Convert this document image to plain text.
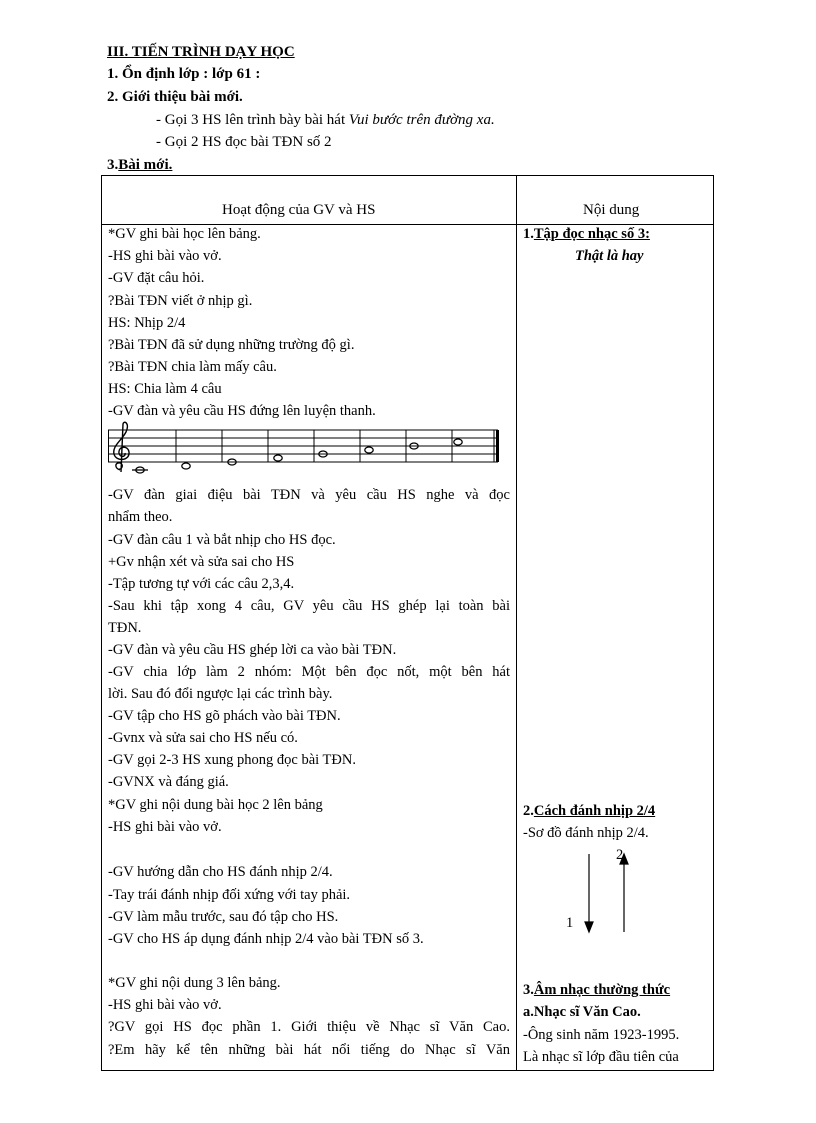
III. TIẾN TRÌNH DẠY HỌC
1. Ổn định lớp : lớp 61 :
2. Giới thiệu bài mới.
- Gọi 3 HS lên trình bày bài hát Vui bước trên đường xa.
- Gọi 2 HS đọc bài TĐN số 2
3.Bài mới.
Hoạt động của GV và HS	Nội dung
*GV ghi bài học lên bảng.
-HS ghi bài vào vở.
-GV đặt câu hỏi.
?Bài TĐN viết ở nhịp gì.
HS: Nhịp 2/4
?Bài TĐN đã sử dụng những trường độ gì.
?Bài TĐN chia làm mấy câu.
HS: Chia làm 4 câu
-GV đàn và yêu cầu HS đứng lên luyện thanh.
-GV đàn giai điệu bài TĐN và yêu cầu HS nghe và đọc
nhẩm theo.
-GV đàn câu 1 và bắt nhịp cho HS đọc.
+Gv nhận xét và sửa sai cho HS
-Tập tương tự với các câu 2,3,4.
-Sau khi tập xong 4 câu, GV yêu cầu HS ghép lại toàn bài
TĐN.
-GV đàn và yêu cầu HS ghép lời ca vào bài TĐN.
-GV chia lớp làm 2 nhóm: Một bên đọc nốt, một bên hát
lời. Sau đó đổi ngược lại các trình bày.
-GV tập cho HS gõ phách vào bài TĐN.
-Gvnx và sửa sai cho HS nếu có.
-GV gọi 2-3 HS xung phong đọc bài TĐN.
-GVNX và đáng giá.
*GV ghi nội dung bài học 2 lên bảng
-HS ghi bài vào vở.
-GV hướng dẫn cho HS đánh nhịp 2/4.
-Tay trái đánh nhịp đối xứng với tay phải.
-GV làm mẫu trước, sau đó tập cho HS.
-GV cho HS áp dụng đánh nhịp 2/4 vào bài TĐN số 3.
*GV ghi nội dung 3 lên bảng.
-HS ghi bài vào vở.
?GV gọi HS đọc phần 1. Giới thiệu về Nhạc sĩ Văn Cao.
?Em hãy kể tên những bài hát nổi tiếng do Nhạc sĩ Văn
1.Tập đọc nhạc số 3:
Thật là hay
2.Cách đánh nhịp 2/4
-Sơ đồ đánh nhịp 2/4.
1
2
3.Âm nhạc thường thức
a.Nhạc sĩ Văn Cao.
-Ông sinh năm 1923-1995.
Là nhạc sĩ lớp đầu tiên của
